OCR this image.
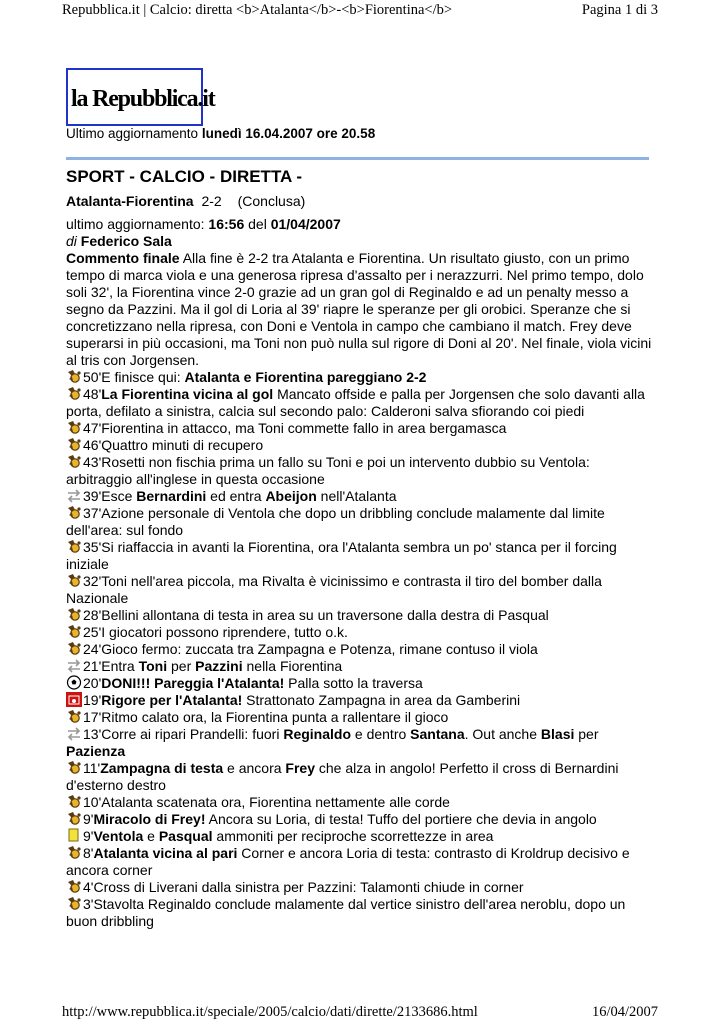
Repubblica.it | Calcio: diretta <b>Atalanta</b>-<b>Fiorentina</b>	Pagina 1 di 3
la Repubblica.it
Ultimo aggiornamento lunedì 16.04.2007 ore 20.58
SPORT - CALCIO - DIRETTA -

Atalanta-Fiorentina 2-2 (Conclusa)

ultimo aggiornamento: 16:56 del 01/04/2007

di Federico Sala

Commento finale Alla fine è 2-2 tra Atalanta e Fiorentina. Un risultato giusto, con un primo tempo di marca viola e una generosa ripresa d'assalto per i nerazzurri. Nel primo tempo, dolo soli 32', la Fiorentina vince 2-0 grazie ad un gran gol di Reginaldo e ad un penalty messo a segno da Pazzini. Ma il gol di Loria al 39' riapre le speranze per gli orobici. Speranze che si concretizzano nella ripresa, con Doni e Ventola in campo che cambiano il match. Frey deve superarsi in più occasioni, ma Toni non può nulla sul rigore di Doni al 20'. Nel finale, viola vicini al tris con Jorgensen.

50'E finisce qui: Atalanta e Fiorentina pareggiano 2-2

48'La Fiorentina vicina al gol Mancato offside e palla per Jorgensen che solo davanti alla porta, defilato a sinistra, calcia sul secondo palo: Calderoni salva sfiorando coi piedi

47'Fiorentina in attacco, ma Toni commette fallo in area bergamasca

46'Quattro minuti di recupero

43'Rosetti non fischia prima un fallo su Toni e poi un intervento dubbio su Ventola: arbitraggio all'inglese in questa occasione

39'Esce Bernardini ed entra Abeijon nell'Atalanta

37'Azione personale di Ventola che dopo un dribbling conclude malamente dal limite dell'area: sul fondo

35'Si riaffaccia in avanti la Fiorentina, ora l'Atalanta sembra un po' stanca per il forcing iniziale

32'Toni nell'area piccola, ma Rivalta è vicinissimo e contrasta il tiro del bomber dalla Nazionale

28'Bellini allontana di testa in area su un traversone dalla destra di Pasqual

25'I giocatori possono riprendere, tutto o.k.

24'Gioco fermo: zuccata tra Zampagna e Potenza, rimane contuso il viola

21'Entra Toni per Pazzini nella Fiorentina

20'DONI!!! Pareggia l'Atalanta! Palla sotto la traversa

19'Rigore per l'Atalanta! Strattonato Zampagna in area da Gamberini

17'Ritmo calato ora, la Fiorentina punta a rallentare il gioco

13'Corre ai ripari Prandelli: fuori Reginaldo e dentro Santana. Out anche Blasi per Pazienza

11'Zampagna di testa e ancora Frey che alza in angolo! Perfetto il cross di Bernardini d'esterno destro

10'Atalanta scatenata ora, Fiorentina nettamente alle corde

9'Miracolo di Frey! Ancora su Loria, di testa! Tuffo del portiere che devia in angolo

9'Ventola e Pasqual ammoniti per reciproche scorrettezze in area

8'Atalanta vicina al pari Corner e ancora Loria di testa: contrasto di Kroldrup decisivo e ancora corner

4'Cross di Liverani dalla sinistra per Pazzini: Talamonti chiude in corner

3'Stavolta Reginaldo conclude malamente dal vertice sinistro dell'area neroblu, dopo un buon dribbling

http://www.repubblica.it/speciale/2005/calcio/dati/dirette/2133686.html	16/04/2007
